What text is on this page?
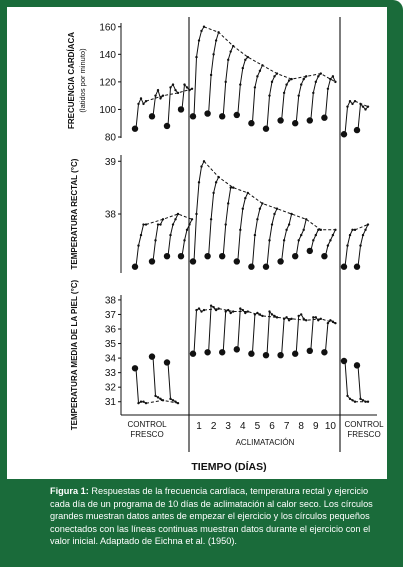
80
100
120
140
160
FRECUENCIA CARDÍACA (latidos por minuto)
38
39
TEMPERATURA RECTAL (°C)
31
32
33
34
35
36
37
38
TEMPERATURA MEDIA DE LA PIEL (°C)	CONTROL
FRESCO
CONTROL
FRESCO
1 2 3 4 5 6 7 8 9 10
ACLIMATACIÓN
TIEMPO (DÍAS)
Figura 1: Respuestas de la frecuencia cardíaca, temperatura rectal y ejercicio cada día de un programa de 10 días de aclimatación al calor seco. Los círculos grandes muestran datos antes de empezar el ejercicio y los círculos pequeños conectados con las líneas continuas muestran datos durante el ejercicio con el valor inicial. Adaptado de Eichna et al. (1950).
